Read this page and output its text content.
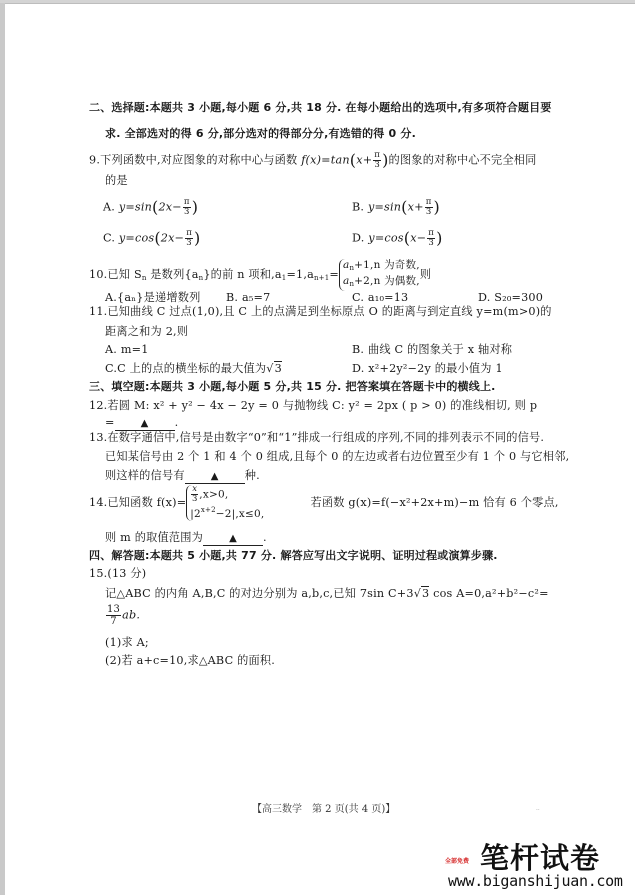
二、选择题:本题共 3 小题,每小题 6 分,共 18 分. 在每小题给出的选项中,有多项符合题目要
求. 全部选对的得 6 分,部分选对的得部分分,有选错的得 0 分.
9.下列函数中,对应图象的对称中心与函数 $f(x)=\tan(x+ \frac{\pi}{3}$ )的图象的对称中心不完全相同
的是
A. $y=\sin(2x- \frac{\pi}{3}$ )	B. $y=\sin(x+ \frac{\pi}{3}$ )
C. $y=\cos(2x- \frac{\pi}{3}$ )	D. $y=\cos(x- \frac{\pi}{3}$ )
10.已知 $S_n$ 是数列$\{a_n\}$的前 n 项和$,a_1=1,a_{n+1}=$
$a_n+1,n$ 为奇数,
$a_n+2,n$ 为偶数, 则
A.{aₙ}是递增数列 B. a₅=7	C. a₁₀=13	D. S₂₀=300
11.已知曲线 C 过点(1,0),且 C 上的点满足到坐标原点 O 的距离与到定直线 y=m(m>0)的
距离之和为 2,则
A. m=1	B. 曲线 C 的图象关于 x 轴对称
C.C 上的点的横坐标的最大值为√3	D. x²+2y²−2y 的最小值为 1
三、填空题:本题共 3 小题,每小题 5 分,共 15 分. 把答案填在答题卡中的横线上.
12.若圆 M: x² + y² − 4x − 2y = 0 与抛物线 C: y² = 2px ( p > 0) 的准线相切, 则 p
=	▲ .
13.在数字通信中,信号是由数字“0”和“1”排成一行组成的序列,不同的排列表示不同的信号.
已知某信号由 2 个 1 和 4 个 0 组成,且每个 0 的左边或者右边位置至少有 1 个 0 与它相邻,
则这样的信号有	▲ 种.
14.已知函数 $f(x)= \frac{x}{3} ,x>0$,
$|2^{x+2}-2|,x\le 0$,
若函数 g(x)=f(−x²+2x+m)−m 恰有 6 个零点,
则 m 的取值范围为	▲ .
四、解答题:本题共 5 小题,共 77 分. 解答应写出文字说明、证明过程或演算步骤.
15.(13 分)
记△ABC 的内角 A,B,C 的对边分别为 a,b,c,已知 7sin C+3√3 cos A=0,a²+b²−c²=
$\frac{13}{7}$ ab.
(1)求 A;
(2)若 a+c=10,求△ABC 的面积.
【高三数学　第 2 页(共 4 页)】	--
笔杆试卷
全部免费
www.biganshijuan.com
